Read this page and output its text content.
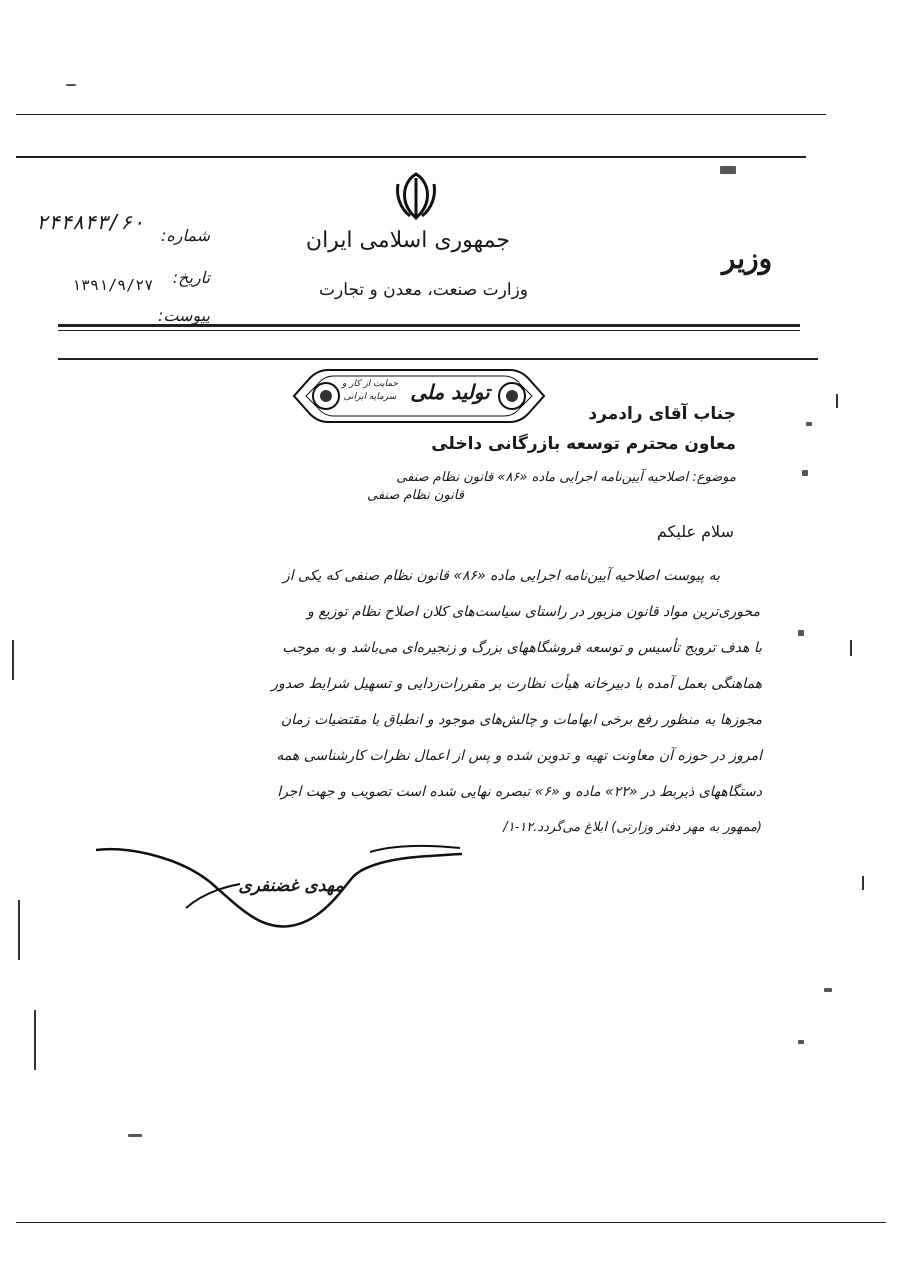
جمهوری اسلامی ایران
وزارت صنعت، معدن و تجارت
وزیر
شماره:
۲۴۴۸۴۳/۶۰
تاریخ:
۱۳۹۱/۹/۲۷
پیوست:
تولید ملی
حمایت از کار و سرمایه ایرانی
جناب آقای رادمرد
معاون محترم توسعه بازرگانی داخلی
موضوع: اصلاحیه آیین‌نامه اجرایی ماده «۸۶» قانون نظام صنفی
قانون نظام صنفی
سلام علیکم
به پیوست اصلاحیه آیین‌نامه اجرایی ماده «۸۶» قانون نظام صنفی که یکی از
محوری‌ترین مواد قانون مزبور در راستای سیاست‌های کلان اصلاح نظام توزیع و
با هدف ترویج تأسیس و توسعه فروشگاههای بزرگ و زنجیره‌ای می‌باشد و به موجب
هماهنگی بعمل آمده با دبیرخانه هیأت نظارت بر مقررات‌زدایی و تسهیل شرایط صدور
مجوزها به منظور رفع برخی ابهامات و چالش‌های موجود و انطباق با مقتضیات زمان
امروز در حوزه آن معاونت تهیه و تدوین شده و پس از اعمال نظرات کارشناسی همه
دستگاههای ذیربط در «۲۲» ماده و «۶» تبصره نهایی شده است تصویب و جهت اجرا
(ممهور به مهر دفتر وزارتی) ابلاغ می‌گردد.۱۲-۱/
مهدی غضنفری
